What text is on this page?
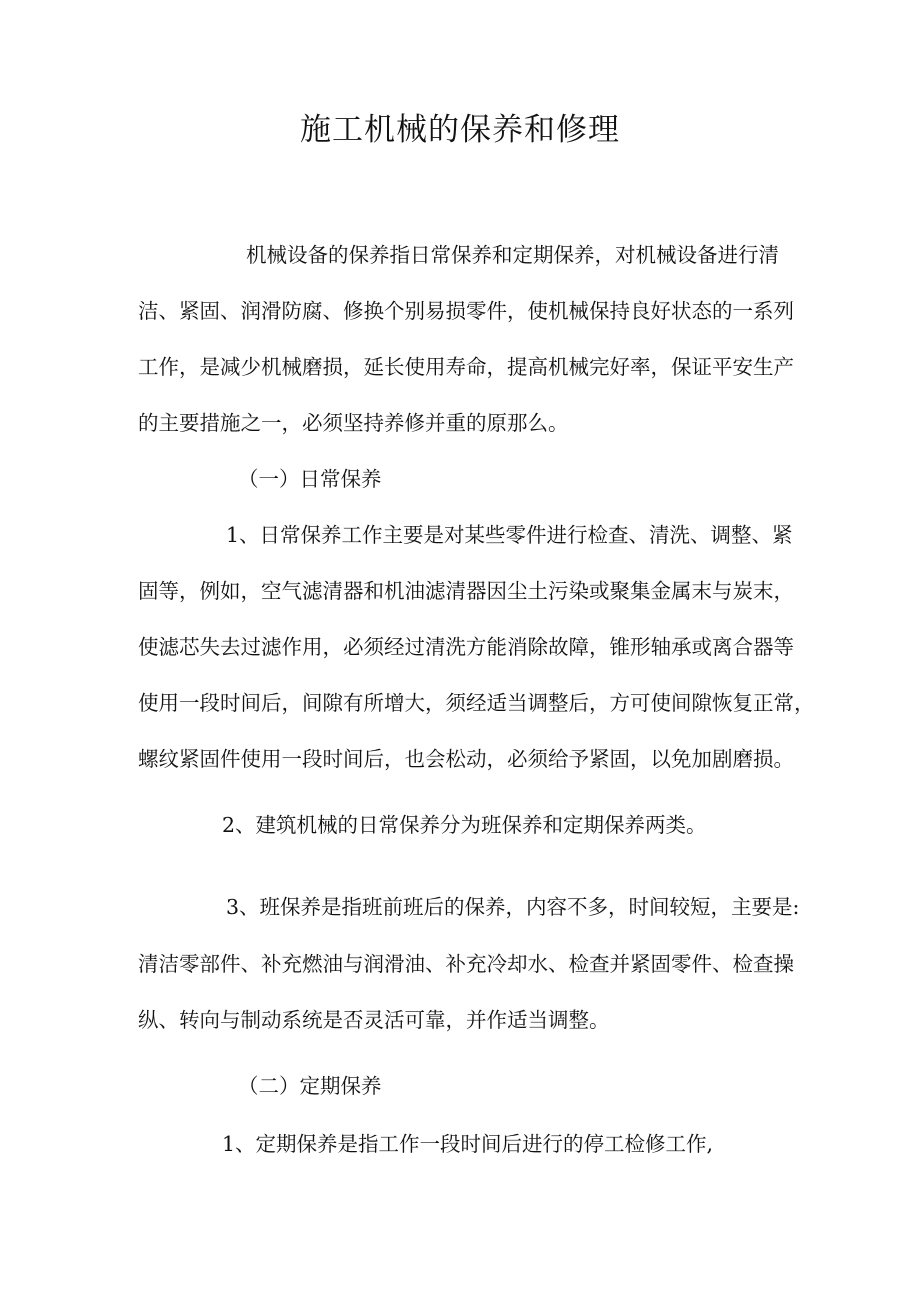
施工机械的保养和修理

机械设备的保养指日常保养和定期保养，对机械设备进行清

洁、紧固、润滑防腐、修换个别易损零件，使机械保持良好状态的一系列

工作，是减少机械磨损，延长使用寿命，提高机械完好率，保证平安生产

的主要措施之一，必须坚持养修并重的原那么。

（一）日常保养

1、日常保养工作主要是对某些零件进行检查、清洗、调整、紧

固等，例如，空气滤清器和机油滤清器因尘土污染或聚集金属末与炭末，

使滤芯失去过滤作用，必须经过清洗方能消除故障，锥形轴承或离合器等

使用一段时间后，间隙有所增大，须经适当调整后，方可使间隙恢复正常，

螺纹紧固件使用一段时间后，也会松动，必须给予紧固，以免加剧磨损。

2、建筑机械的日常保养分为班保养和定期保养两类。

3、班保养是指班前班后的保养，内容不多，时间较短，主要是:

清洁零部件、补充燃油与润滑油、补充冷却水、检查并紧固零件、检查操

纵、转向与制动系统是否灵活可靠，并作适当调整。

（二）定期保养

1、定期保养是指工作一段时间后进行的停工检修工作,
